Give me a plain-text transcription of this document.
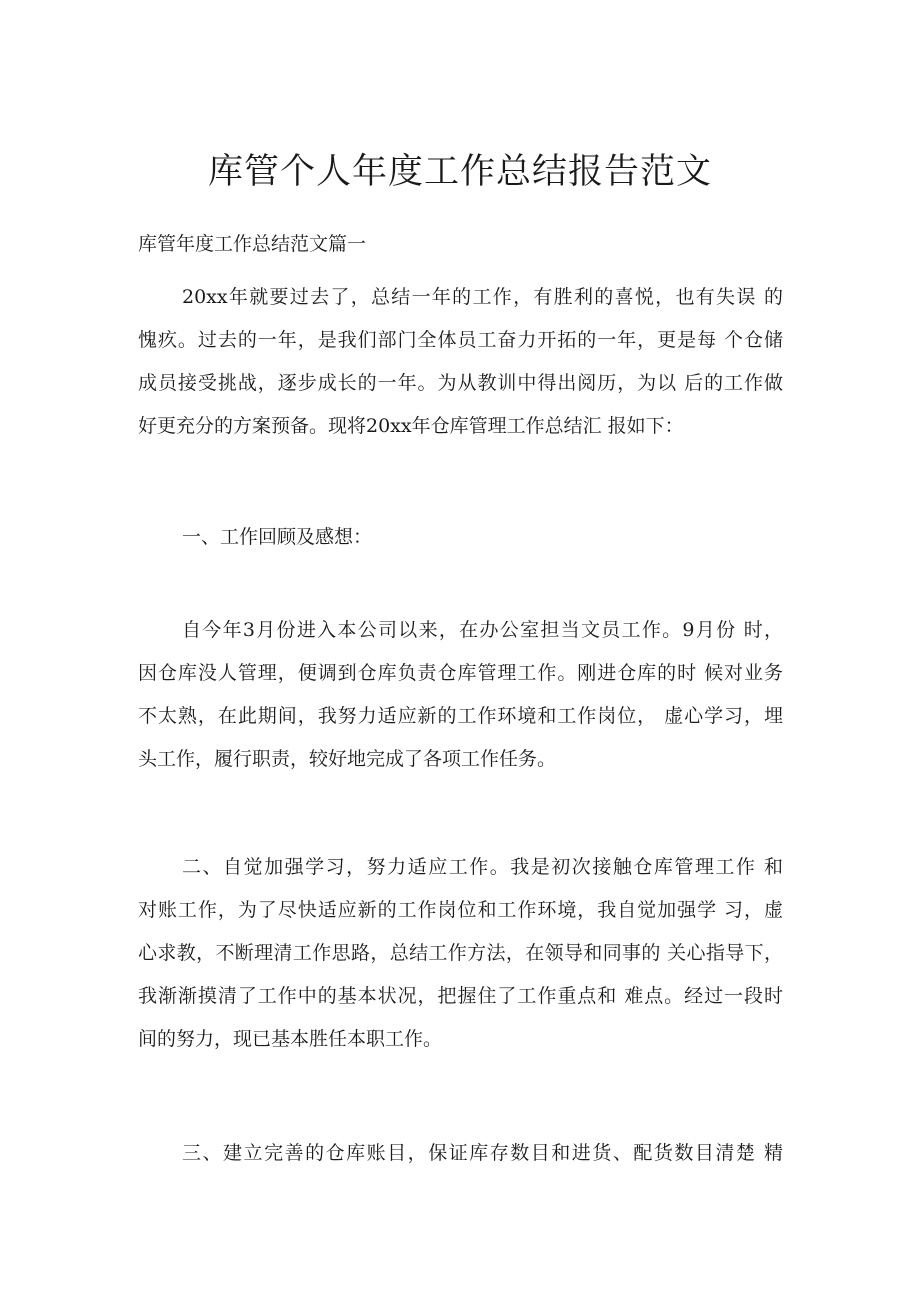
库管个人年度工作总结报告范文
库管年度工作总结范文篇一
20xx年就要过去了，总结一年的工作，有胜利的喜悦，也有失误 的
愧疚。过去的一年，是我们部门全体员工奋力开拓的一年，更是每 个仓储
成员接受挑战，逐步成长的一年。为从教训中得出阅历，为以 后的工作做
好更充分的方案预备。现将20xx年仓库管理工作总结汇 报如下：
一、工作回顾及感想：
自今年3月份进入本公司以来，在办公室担当文员工作。9月份 时，
因仓库没人管理，便调到仓库负责仓库管理工作。刚进仓库的时 候对业务
不太熟，在此期间，我努力适应新的工作环境和工作岗位， 虚心学习，埋
头工作，履行职责，较好地完成了各项工作任务。
二、自觉加强学习，努力适应工作。我是初次接触仓库管理工作 和
对账工作，为了尽快适应新的工作岗位和工作环境，我自觉加强学 习，虚
心求教，不断理清工作思路，总结工作方法，在领导和同事的 关心指导下，
我渐渐摸清了工作中的基本状况，把握住了工作重点和 难点。经过一段时
间的努力，现已基本胜任本职工作。
三、建立完善的仓库账目，保证库存数目和进货、配货数目清楚 精
